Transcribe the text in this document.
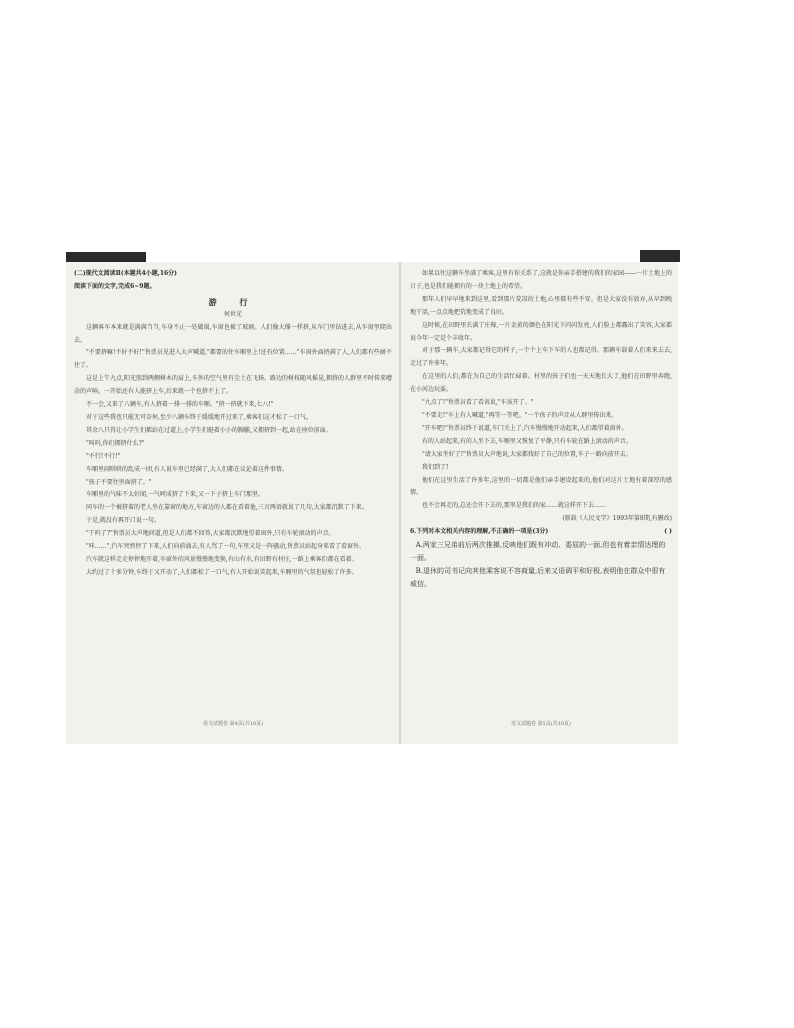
(二)现代文阅读Ⅱ(本题共4小题,16分)

阅读下面的文字,完成6~9题。

游 行

何世光

这辆客车本来就是满满当当,车身不止一处破损,车窗也被了玻璃。人们像大撑一样挤,从车门里钻进去,从车窗里爬出去。

"不要挤嘛!不好不好!"售票员见进入大声喊道,"都要的往车厢里上!还有位置……"车窗外面挤满了人,人们都有些耐不住了。

这是上午九点,阳光照到两侧树木的肩上,车外的空气里有尘土在飞扬。路边的树枝随风摇晃,拥挤的人群里不时传来嘈杂的声响。一开始还有人能挤上车,后来就一个也挤不上了。

不一会,又来了八辆车,有人挤着一排一排的车厢。"挤一挤就下来,七八!"

对于这些我也只能无可奈何,至少八辆车终于缓缓地开过来了,乘客们这才松了一口气。

其余八只得让小学生们都站在过道上,小学生们挺着小小的胸脯,又拥挤到一起,站在座位前面。

"叫吗,你们拥挤什么?"

"不行!不行!"

车厢里闹哄哄的乱成一团,有人说车里已经满了,大人们都在议论着这件事情。

"孩子不要往里面挤了。"

车厢里的气味不太好闻,一气呵成挤了下来,又一下子挤上车门那里。

同车的一个被挤着的老人坐在靠窗的地方,车窗边的人都在看着他,三言两语就说了几句,大家都沉默了下来。

于是,就没有再开口说一句。

"干吗了?"售票员大声地问道,但是人们都不回答,大家都沉默地望着窗外,只有车轮滚动的声音。

"咔……",汽车突然停了下来,人们向前涌去,有人骂了一句,车里又是一阵骚动,售票员站起身来看了看窗外。

汽车就这样走走停停地开着,车窗外的风景慢慢地变换,有山有水,有田野有村庄,一路上乘客们都在看着。

大约过了十多分钟,车终于又开动了,人们都松了一口气,有人开始说笑起来,车厢里的气氛也轻松了许多。

如果以往这辆车坐满了乘客,这里有你关系了,这就是你亲手搭建的我们的家园——一片土地上的日子,也是我们能拥有的一块土地上的希望。

那年人们早早地来到这里,看到那片荒凉的土地,心里都有些不安。但是大家没有放弃,从早到晚地干活,一点点地把荒地变成了良田。

这时候,在田野里长满了庄稼,一片金黄的颜色在阳光下闪闪发亮,人们脸上都露出了笑容,大家都说今年一定是个丰收年。

对于那一辆车,大家都记得它的样子,一个个上车下车的人也都记得。那辆车载着人们来来去去,走过了许多年。

在这里的人们,都在为自己的生活忙碌着。村里的孩子们也一天天地长大了,他们在田野里奔跑,在小河边玩耍。

"九点了!"售票员看了看表说,"车该开了。"

"不要走!"车上有人喊道,"再等一等吧。"一个孩子的声音从人群里传出来。

"开车吧!"售票员终于说道,车门关上了,汽车慢慢地开动起来,人们都望着窗外。

有的人站起来,有的人坐下去,车厢里又恢复了平静,只有车轮在路上滚动的声音。

"请大家坐好了!"售票员大声地说,大家都找好了自己的位置,车子一路向前开去。

我们到了!

他们在这里生活了许多年,这里的一切都是他们亲手建设起来的,他们对这片土地有着深厚的感情。

也不会再走的,总还会开下去的,那里是我们的家……就这样开下去……

(原载《人民文学》1993年第8期,有删改)

6.下列对本文相关内容的理解,不正确的一项是(3分)	( )

A.两家三兄弟前后两次推搡,反映他们既有冲动、委屈的一面,但也有着亲情达理的一面。

B.退休的司书记向其他乘客说不容商量,后来又语调平和好极,表明他在群众中很有威信。

语文试题卷 第4页(共10页)	语文试题卷 第5页(共10页)
